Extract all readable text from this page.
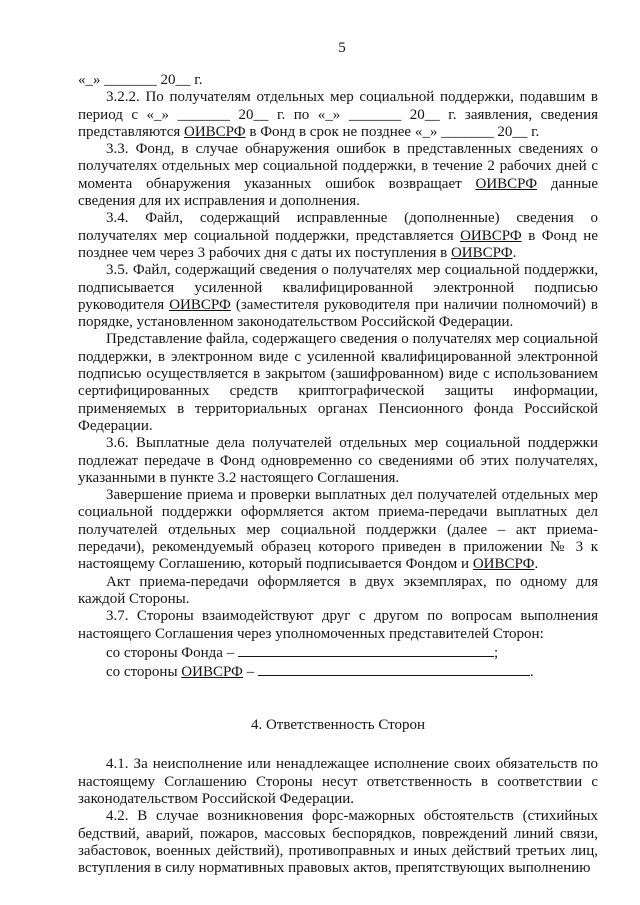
5

«_» _______ 20__ г.

3.2.2. По получателям отдельных мер социальной поддержки, подавшим в период с «_» _______ 20__ г. по «_» _______ 20__ г. заявления, сведения представляются ОИВСРФ в Фонд в срок не позднее «_» _______ 20__ г.

3.3. Фонд, в случае обнаружения ошибок в представленных сведениях о получателях отдельных мер социальной поддержки, в течение 2 рабочих дней с момента обнаружения указанных ошибок возвращает ОИВСРФ данные сведения для их исправления и дополнения.

3.4. Файл, содержащий исправленные (дополненные) сведения о получателях мер социальной поддержки, представляется ОИВСРФ в Фонд не позднее чем через 3 рабочих дня с даты их поступления в ОИВСРФ.

3.5. Файл, содержащий сведения о получателях мер социальной поддержки, подписывается усиленной квалифицированной электронной подписью руководителя ОИВСРФ (заместителя руководителя при наличии полномочий) в порядке, установленном законодательством Российской Федерации.

Представление файла, содержащего сведения о получателях мер социальной поддержки, в электронном виде с усиленной квалифицированной электронной подписью осуществляется в закрытом (зашифрованном) виде с использованием сертифицированных средств криптографической защиты информации, применяемых в территориальных органах Пенсионного фонда Российской Федерации.

3.6. Выплатные дела получателей отдельных мер социальной поддержки подлежат передаче в Фонд одновременно со сведениями об этих получателях, указанными в пункте 3.2 настоящего Соглашения.

Завершение приема и проверки выплатных дел получателей отдельных мер социальной поддержки оформляется актом приема-передачи выплатных дел получателей отдельных мер социальной поддержки (далее – акт приема-передачи), рекомендуемый образец которого приведен в приложении № 3 к настоящему Соглашению, который подписывается Фондом и ОИВСРФ.

Акт приема-передачи оформляется в двух экземплярах, по одному для каждой Стороны.

3.7. Стороны взаимодействуют друг с другом по вопросам выполнения настоящего Соглашения через уполномоченных представителей Сторон:

со стороны Фонда –	;
со стороны ОИВСРФ –	.
4. Ответственность Сторон

4.1. За неисполнение или ненадлежащее исполнение своих обязательств по настоящему Соглашению Стороны несут ответственность в соответствии с законодательством Российской Федерации.

4.2. В случае возникновения форс-мажорных обстоятельств (стихийных бедствий, аварий, пожаров, массовых беспорядков, повреждений линий связи, забастовок, военных действий), противоправных и иных действий третьих лиц, вступления в силу нормативных правовых актов, препятствующих выполнению
